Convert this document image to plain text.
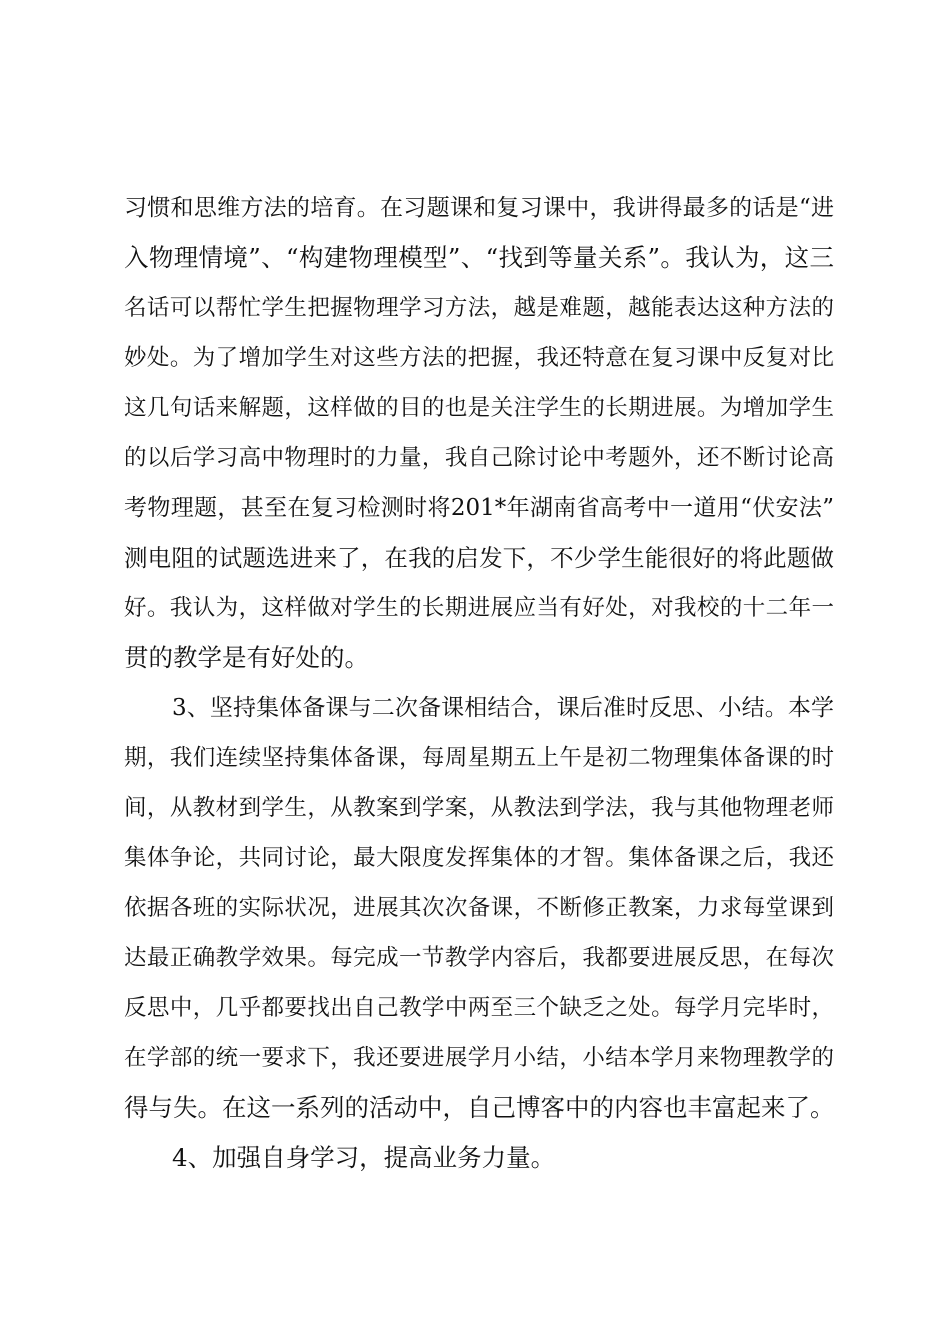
习惯和思维方法的培育。在习题课和复习课中，我讲得最多的话是“进
入物理情境”、“构建物理模型”、“找到等量关系”。我认为，这三
名话可以帮忙学生把握物理学习方法，越是难题，越能表达这种方法的
妙处。为了增加学生对这些方法的把握，我还特意在复习课中反复对比
这几句话来解题，这样做的目的也是关注学生的长期进展。为增加学生
的以后学习高中物理时的力量，我自己除讨论中考题外，还不断讨论高
考物理题，甚至在复习检测时将201*年湖南省高考中一道用“伏安法”
测电阻的试题选进来了，在我的启发下，不少学生能很好的将此题做
好。我认为，这样做对学生的长期进展应当有好处，对我校的十二年一
贯的教学是有好处的。
3、坚持集体备课与二次备课相结合，课后准时反思、小结。本学
期，我们连续坚持集体备课，每周星期五上午是初二物理集体备课的时
间，从教材到学生，从教案到学案，从教法到学法，我与其他物理老师
集体争论，共同讨论，最大限度发挥集体的才智。集体备课之后，我还
依据各班的实际状况，进展其次次备课，不断修正教案，力求每堂课到
达最正确教学效果。每完成一节教学内容后，我都要进展反思，在每次
反思中，几乎都要找出自己教学中两至三个缺乏之处。每学月完毕时，
在学部的统一要求下，我还要进展学月小结，小结本学月来物理教学的
得与失。在这一系列的活动中，自己博客中的内容也丰富起来了。
4、加强自身学习，提高业务力量。
